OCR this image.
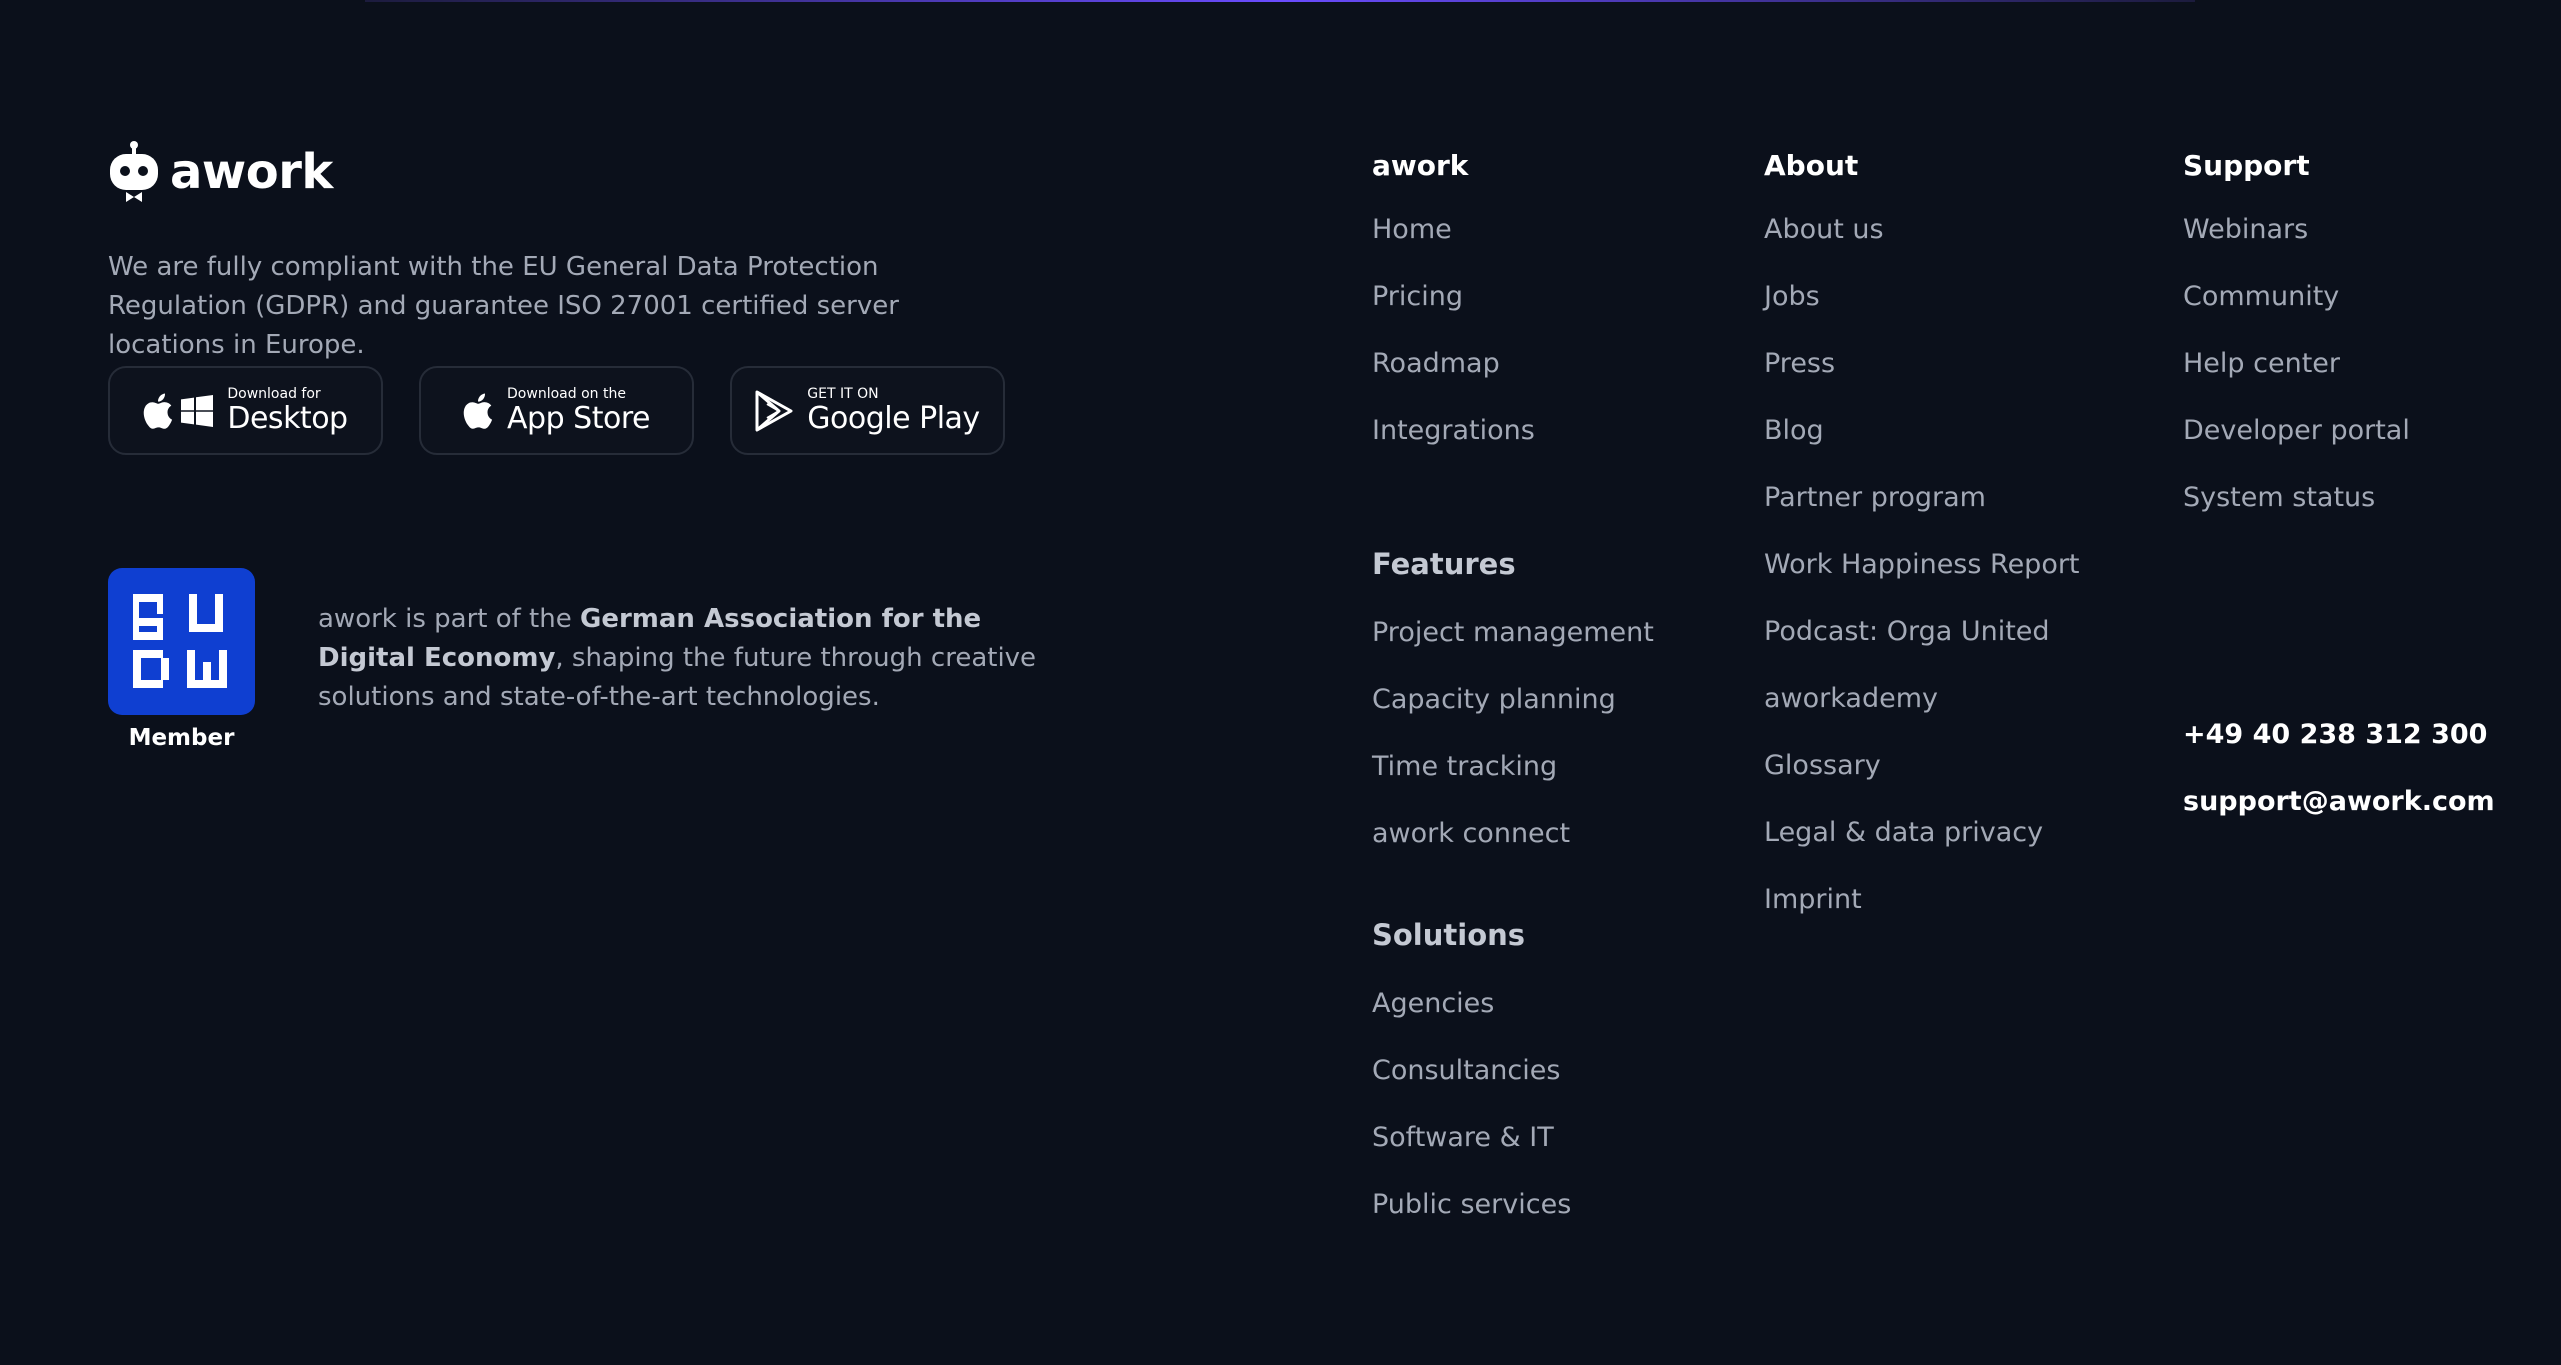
awork

We are fully compliant with the EU General Data Protection Regulation (GDPR) and guarantee ISO 27001 certified server locations in Europe.

Download for
Desktop
Download on the
App Store
GET IT ON
Google Play
Member

awork is part of the German Association for the Digital Economy, shaping the future through creative solutions and state-of-the-art technologies.

awork
Home
Pricing
Roadmap
Integrations
Features
Project management
Capacity planning
Time tracking
awork connect
Solutions
Agencies
Consultancies
Software & IT
Public services
About
About us
Jobs
Press
Blog
Partner program
Work Happiness Report
Podcast: Orga United
aworkademy
Glossary
Legal & data privacy
Imprint
Support
Webinars
Community
Help center
Developer portal
System status
+49 40 238 312 300
support@awork.com
